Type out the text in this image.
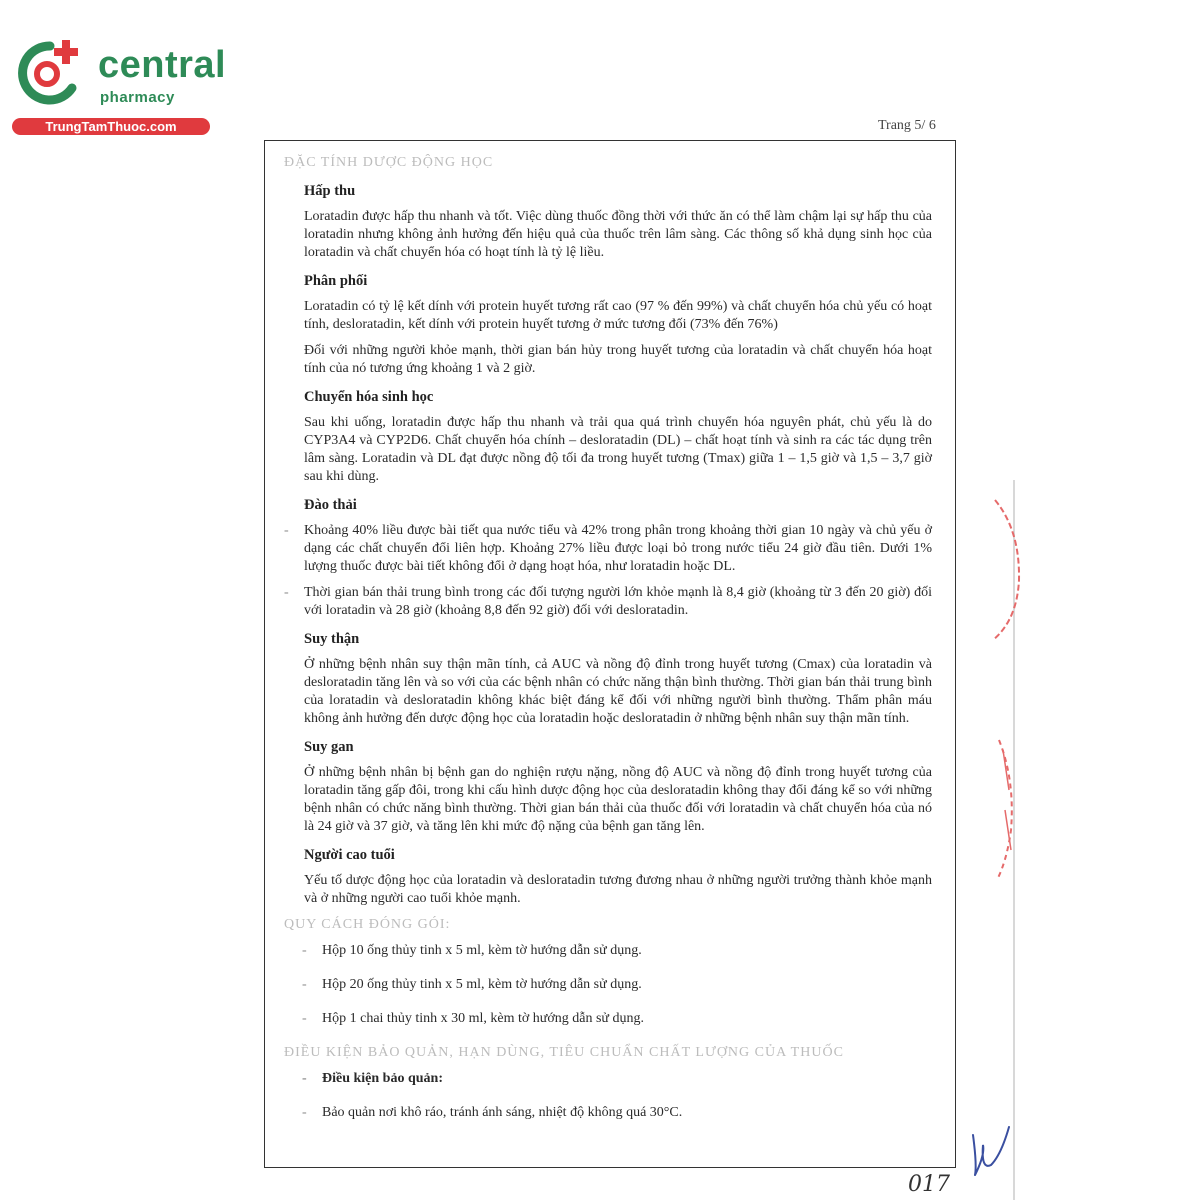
central
pharmacy
TrungTamThuoc.com	Trang 5/ 6
ĐẶC TÍNH DƯỢC ĐỘNG HỌC
Hấp thu

Loratadin được hấp thu nhanh và tốt. Việc dùng thuốc đồng thời với thức ăn có thể làm chậm lại sự hấp thu của loratadin nhưng không ảnh hưởng đến hiệu quả của thuốc trên lâm sàng. Các thông số khả dụng sinh học của loratadin và chất chuyển hóa có hoạt tính là tỷ lệ liều.

Phân phối

Loratadin có tỷ lệ kết dính với protein huyết tương rất cao (97 % đến 99%) và chất chuyển hóa chủ yếu có hoạt tính, desloratadin, kết dính với protein huyết tương ở mức tương đối (73% đến 76%)

Đối với những người khỏe mạnh, thời gian bán hủy trong huyết tương của loratadin và chất chuyển hóa hoạt tính của nó tương ứng khoảng 1 và 2 giờ.

Chuyển hóa sinh học

Sau khi uống, loratadin được hấp thu nhanh và trải qua quá trình chuyển hóa nguyên phát, chủ yếu là do CYP3A4 và CYP2D6. Chất chuyển hóa chính – desloratadin (DL) – chất hoạt tính và sinh ra các tác dụng trên lâm sàng. Loratadin và DL đạt được nồng độ tối đa trong huyết tương (Tmax) giữa 1 – 1,5 giờ và 1,5 – 3,7 giờ sau khi dùng.

Đào thải
- Khoảng 40% liều được bài tiết qua nước tiểu và 42% trong phân trong khoảng thời gian 10 ngày và chủ yếu ở dạng các chất chuyển đổi liên hợp. Khoảng 27% liều được loại bỏ trong nước tiểu 24 giờ đầu tiên. Dưới 1% lượng thuốc được bài tiết không đổi ở dạng hoạt hóa, như loratadin hoặc DL.
- Thời gian bán thải trung bình trong các đối tượng người lớn khỏe mạnh là 8,4 giờ (khoảng từ 3 đến 20 giờ) đối với loratadin và 28 giờ (khoảng 8,8 đến 92 giờ) đối với desloratadin.
Suy thận

Ở những bệnh nhân suy thận mãn tính, cả AUC và nồng độ đỉnh trong huyết tương (Cmax) của loratadin và desloratadin tăng lên và so với của các bệnh nhân có chức năng thận bình thường. Thời gian bán thải trung bình của loratadin và desloratadin không khác biệt đáng kể đối với những người bình thường. Thẩm phân máu không ảnh hưởng đến dược động học của loratadin hoặc desloratadin ở những bệnh nhân suy thận mãn tính.

Suy gan

Ở những bệnh nhân bị bệnh gan do nghiện rượu nặng, nồng độ AUC và nồng độ đỉnh trong huyết tương của loratadin tăng gấp đôi, trong khi cấu hình dược động học của desloratadin không thay đổi đáng kể so với những bệnh nhân có chức năng bình thường. Thời gian bán thải của thuốc đối với loratadin và chất chuyển hóa của nó là 24 giờ và 37 giờ, và tăng lên khi mức độ nặng của bệnh gan tăng lên.

Người cao tuổi

Yếu tố dược động học của loratadin và desloratadin tương đương nhau ở những người trưởng thành khỏe mạnh và ở những người cao tuổi khỏe mạnh.

QUY CÁCH ĐÓNG GÓI:
- Hộp 10 ống thủy tinh x 5 ml, kèm tờ hướng dẫn sử dụng.
- Hộp 20 ống thủy tinh x 5 ml, kèm tờ hướng dẫn sử dụng.
- Hộp 1 chai thủy tinh x 30 ml, kèm tờ hướng dẫn sử dụng.
ĐIỀU KIỆN BẢO QUẢN, HẠN DÙNG, TIÊU CHUẨN CHẤT LƯỢNG CỦA THUỐC
- Điều kiện bảo quản:
- Bảo quản nơi khô ráo, tránh ánh sáng, nhiệt độ không quá 30°C.
017
